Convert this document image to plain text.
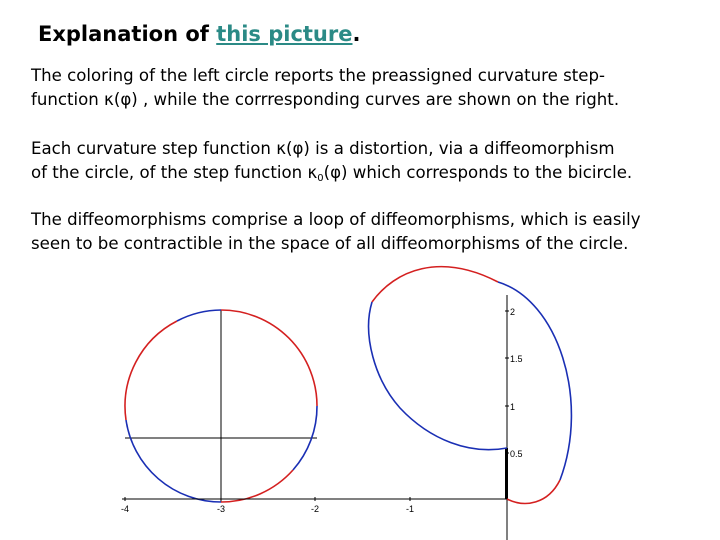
Explanation of this picture.

The coloring of the left circle reports the preassigned curvature step-
function κ(φ) , while the corrresponding curves are shown on the right.

Each curvature step function κ(φ) is a distortion, via a diffeomorphism
of the circle, of the step function $\kappa_0(\varphi)$ which corresponds to the bicircle.

The diffeomorphisms comprise a loop of diffeomorphisms, which is easily
seen to be contractible in the space of all diffeomorphisms of the circle.

-4	-3	-2	-1
2
1.5
1
0.5
